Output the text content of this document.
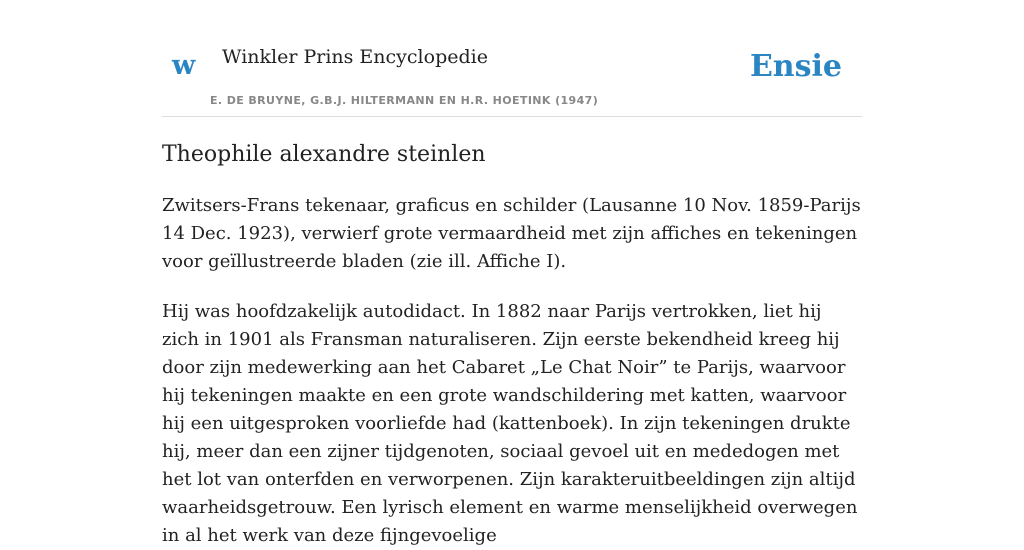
w Winkler Prins Encyclopedie
E. DE BRUYNE, G.B.J. HILTERMANN EN H.R. HOETINK (1947)
Ensie
Theophile alexandre steinlen

Zwitsers-Frans tekenaar, graficus en schilder (Lausanne 10 Nov. 1859-Parijs 14 Dec. 1923), verwierf grote vermaardheid met zijn affiches en tekeningen voor geïllustreerde bladen (zie ill. Affiche I).

Hij was hoofdzakelijk autodidact. In 1882 naar Parijs vertrokken, liet hij zich in 1901 als Fransman naturaliseren. Zijn eerste bekendheid kreeg hij door zijn medewerking aan het Cabaret „Le Chat Noir” te Parijs, waarvoor hij tekeningen maakte en een grote wandschildering met katten, waarvoor hij een uitgesproken voorliefde had (kattenboek). In zijn tekeningen drukte hij, meer dan een zijner tijdgenoten, sociaal gevoel uit en mededogen met het lot van onterfden en verworpenen. Zijn karakteruitbeeldingen zijn altijd waarheidsgetrouw. Een lyrisch element en warme menselijkheid overwegen in al het werk van deze fijngevoelige
